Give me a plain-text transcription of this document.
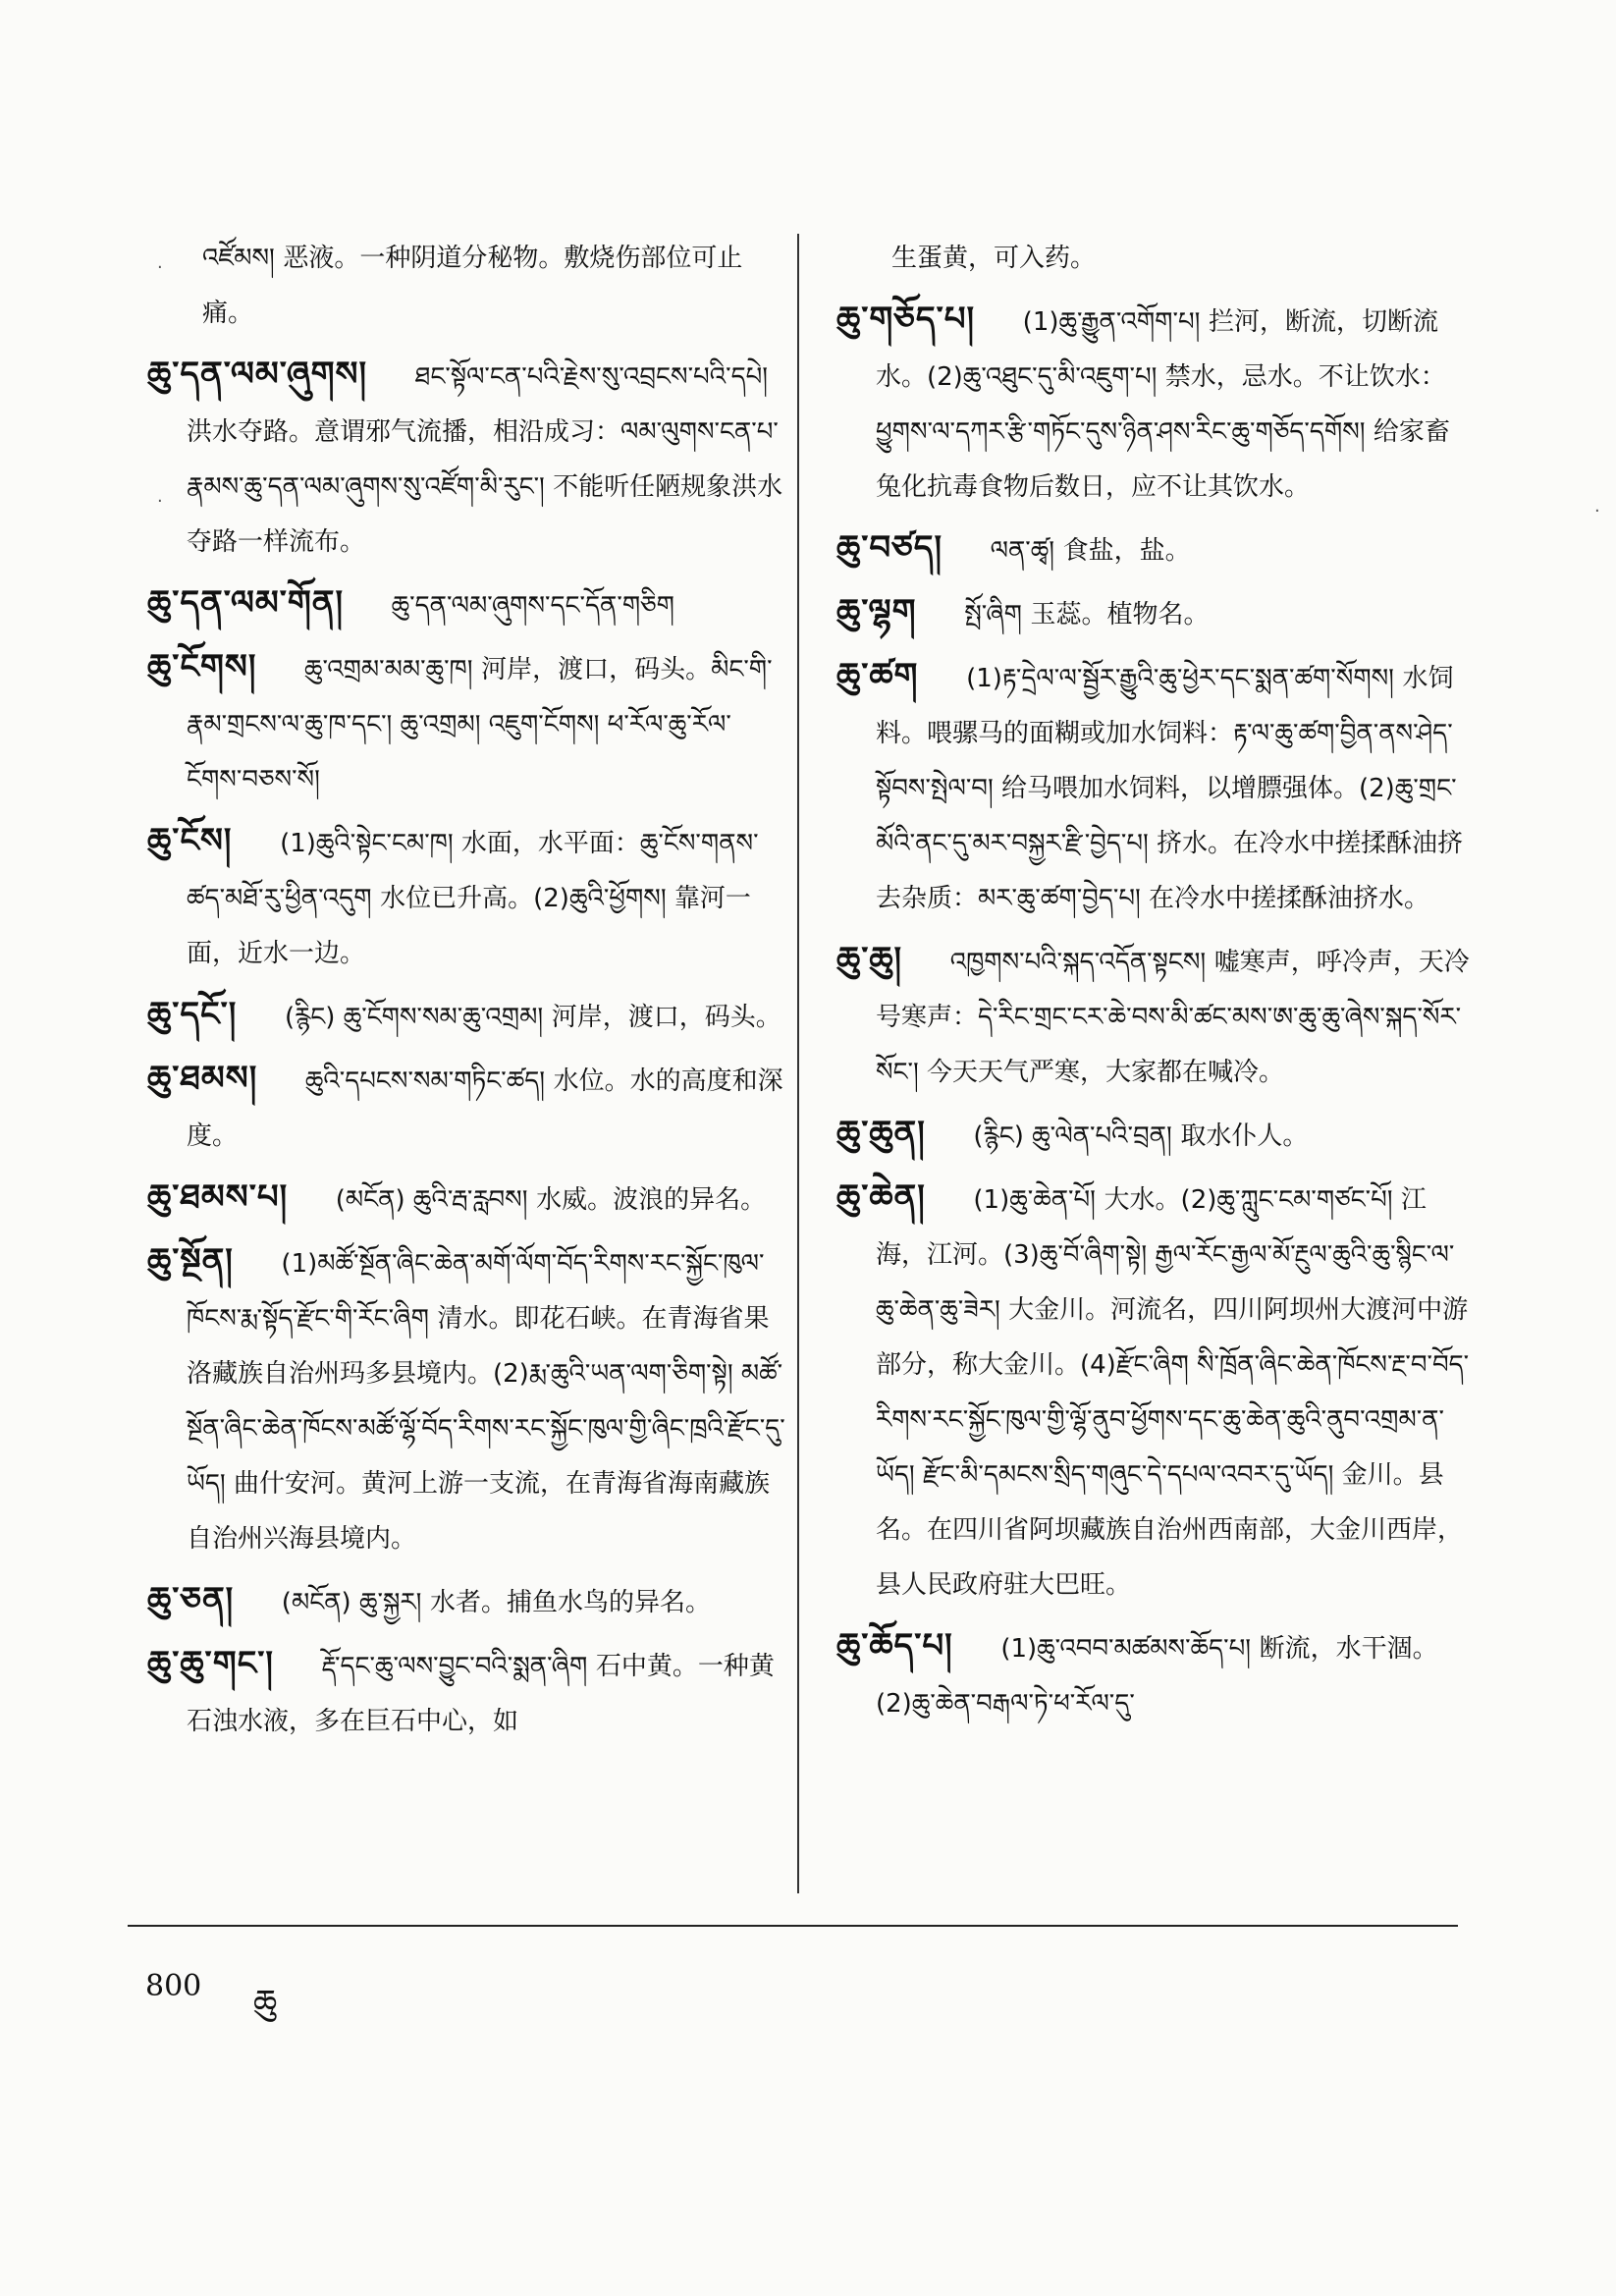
འཛོམས། 恶液。一种阴道分秘物。敷烧伤部位可止痛。
ཆུ་དན་ལམ་ཞུགས། ཐང་སྟོལ་ངན་པའི་རྗེས་སུ་འབྲངས་པའི་དཔེ། 洪水夺路。意谓邪气流播，相沿成习：ལམ་ལུགས་ངན་པ་རྣམས་ཆུ་དན་ལམ་ཞུགས་སུ་འཛོག་མི་རུང་། 不能听任陋规象洪水夺路一样流布。
ཆུ་དན་ལམ་གོན། ཆུ་དན་ལམ་ཞུགས་དང་དོན་གཅིག
ཆུ་ངོགས། ཆུ་འགྲམ་མམ་ཆུ་ཁ། 河岸，渡口，码头。མིང་གི་རྣམ་གྲངས་ལ་ཆུ་ཁ་དང་། ཆུ་འགྲམ། འཇུག་ངོགས། ཕ་རོལ་ཆུ་རོལ་ངོགས་བཅས་སོ།
ཆུ་ངོས། (1)ཆུའི་སྟེང་ངམ་ཁ། 水面，水平面：ཆུ་ངོས་གནས་ཚད་མཐོ་རུ་ཕྱིན་འདུག 水位已升高。(2)ཆུའི་ཕྱོགས། 靠河一面，近水一边。
ཆུ་དངོ་། (རྙིང) ཆུ་ངོགས་སམ་ཆུ་འགྲམ། 河岸，渡口，码头。
ཆུ་ཐམས། ཆུའི་དཔངས་སམ་གཏིང་ཚད། 水位。水的高度和深度。
ཆུ་ཐམས་པ། (མངོན) ཆུའི་རྦ་རླབས། 水威。波浪的异名。
ཆུ་སྔོན། (1)མཚོ་སྔོན་ཞིང་ཆེན་མགོ་ལོག་བོད་རིགས་རང་སྐྱོང་ཁུལ་ཁོངས་རྨ་སྟོད་རྫོང་གི་རོང་ཞིག 清水。即花石峡。在青海省果洛藏族自治州玛多县境内。(2)རྨ་ཆུའི་ཡན་ལག་ཅིག་སྟེ། མཚོ་སྔོན་ཞིང་ཆེན་ཁོངས་མཚོ་ལྷོ་བོད་རིགས་རང་སྐྱོང་ཁུལ་གྱི་ཞིང་ཁྲའི་རྫོང་དུ་ཡོད། 曲什安河。黄河上游一支流，在青海省海南藏族自治州兴海县境内。
ཆུ་ཅན། (མངོན) ཆུ་སྐྱར། 水者。捕鱼水鸟的异名。
ཆུ་ཆུ་གང་། རྡོ་དང་ཆུ་ལས་བྱུང་བའི་སྨན་ཞིག 石中黄。一种黄石浊水液，多在巨石中心，如
生蛋黄，可入药。
ཆུ་གཅོད་པ། (1)ཆུ་རྒྱུན་འགོག་པ། 拦河，断流，切断流水。(2)ཆུ་འཐུང་དུ་མི་འཇུག་པ། 禁水，忌水。不让饮水：ཕྱུགས་ལ་དཀར་རྩི་གཏོང་དུས་ཉིན་ཤས་རིང་ཆུ་གཅོད་དགོས། 给家畜兔化抗毒食物后数日，应不让其饮水。
ཆུ་བཙད། ལན་ཚྭ། 食盐，盐。
ཆུ་ལྷག སྤོ་ཞིག 玉蕊。植物名。
ཆུ་ཚག (1)རྟ་དྲེལ་ལ་སྦྱོར་རྒྱུའི་ཆུ་ཕྱེར་དང་སྨན་ཚག་སོགས། 水饲料。喂骡马的面糊或加水饲料：རྟ་ལ་ཆུ་ཚག་བྱིན་ནས་ཤེད་སྟོབས་སྤེལ་བ། 给马喂加水饲料，以增膘强体。(2)ཆུ་གྲང་མོའི་ནང་དུ་མར་བསྐྱར་རྫི་བྱེད་པ། 挤水。在冷水中搓揉酥油挤去杂质：མར་ཆུ་ཚག་བྱེད་པ། 在冷水中搓揉酥油挤水。
ཆུ་ཆུ། འཁྱགས་པའི་སྐད་འདོན་སྟངས། 嘘寒声，呼冷声，天冷号寒声：དེ་རིང་གྲང་ངར་ཆེ་བས་མི་ཚང་མས་ཨ་ཆུ་ཆུ་ཞེས་སྐད་སོར་སོང་། 今天天气严寒，大家都在喊冷。
ཆུ་ཆུན། (རྙིང) ཆུ་ལེན་པའི་བྲན། 取水仆人。
ཆུ་ཆེན། (1)ཆུ་ཆེན་པོ། 大水。(2)ཆུ་ཀླུང་ངམ་གཙང་པོ། 江海，江河。(3)ཆུ་བོ་ཞིག་སྟེ། རྒྱལ་རོང་རྒྱལ་མོ་རྔུལ་ཆུའི་ཆུ་སྙིང་ལ་ཆུ་ཆེན་ཆུ་ཟེར། 大金川。河流名，四川阿坝州大渡河中游部分，称大金川。(4)རྫོང་ཞིག སི་ཁྲོན་ཞིང་ཆེན་ཁོངས་རྔ་བ་བོད་རིགས་རང་སྐྱོང་ཁུལ་གྱི་ལྷོ་ནུབ་ཕྱོགས་དང་ཆུ་ཆེན་ཆུའི་ནུབ་འགྲམ་ན་ཡོད། རྫོང་མི་དམངས་སྲིད་གཞུང་དེ་དཔལ་འབར་དུ་ཡོད། 金川。县名。在四川省阿坝藏族自治州西南部，大金川西岸，县人民政府驻大巴旺。
ཆུ་ཆོད་པ། (1)ཆུ་འབབ་མཚམས་ཆོད་པ། 断流，水干涸。(2)ཆུ་ཆེན་བརྒལ་ཏེ་ཕ་རོལ་དུ་
800 ཆུ
·
·	·
